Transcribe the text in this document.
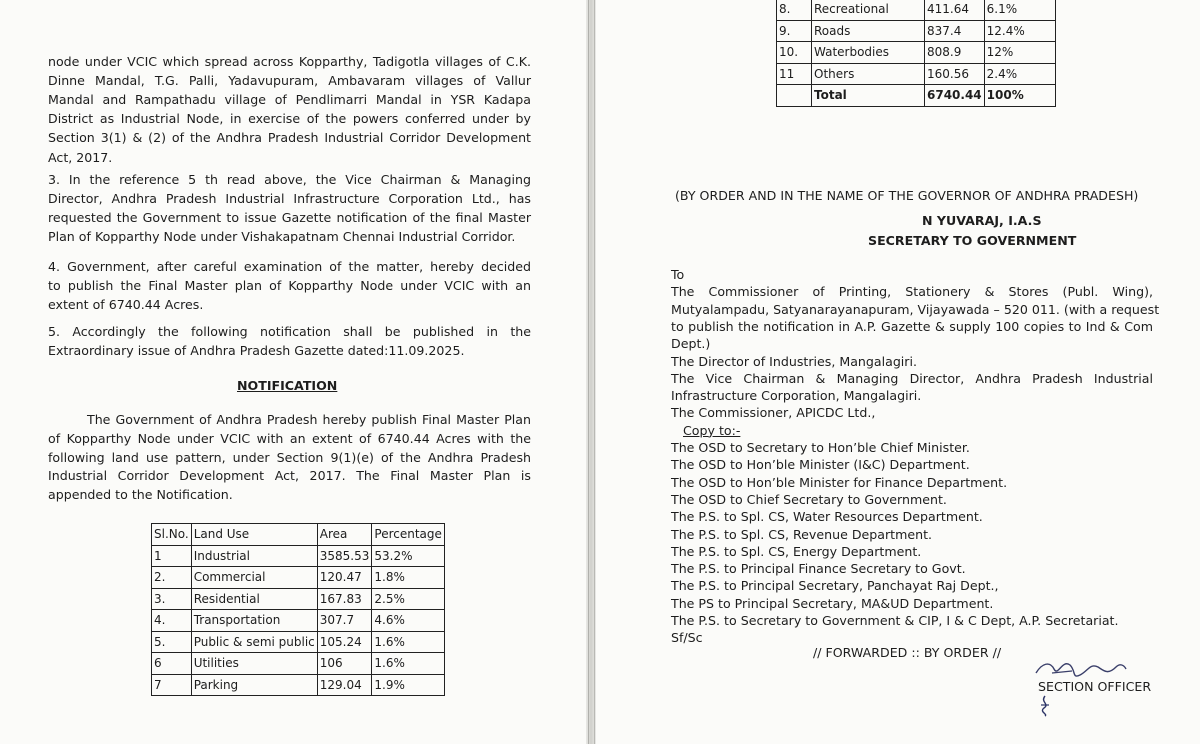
node under VCIC which spread across Kopparthy, Tadigotla villages of C.K.
Dinne Mandal, T.G. Palli, Yadavupuram, Ambavaram villages of Vallur
Mandal and Rampathadu village of Pendlimarri Mandal in YSR Kadapa
District as Industrial Node, in exercise of the powers conferred under by
Section 3(1) & (2) of the Andhra Pradesh Industrial Corridor Development
Act, 2017.
3. In the reference 5 th read above, the Vice Chairman & Managing
Director, Andhra Pradesh Industrial Infrastructure Corporation Ltd., has
requested the Government to issue Gazette notification of the final Master
Plan of Kopparthy Node under Vishakapatnam Chennai Industrial Corridor.
4. Government, after careful examination of the matter, hereby decided
to publish the Final Master plan of Kopparthy Node under VCIC with an
extent of 6740.44 Acres.
5. Accordingly the following notification shall be published in the
Extraordinary issue of Andhra Pradesh Gazette dated:11.09.2025.
The Government of Andhra Pradesh hereby publish Final Master Plan
of Kopparthy Node under VCIC with an extent of 6740.44 Acres with the
following land use pattern, under Section 9(1)(e) of the Andhra Pradesh
Industrial Corridor Development Act, 2017. The Final Master Plan is
appended to the Notification.
NOTIFICATION
Sl.No.	Land Use	Area	Percentage
1	Industrial	3585.53	53.2%
2.	Commercial	120.47	1.8%
3.	Residential	167.83	2.5%
4.	Transportation	307.7	4.6%
5.	Public & semi public	105.24	1.6%
6	Utilities	106	1.6%
7	Parking	129.04	1.9%
8.	Recreational	411.64	6.1%
9.	Roads	837.4	12.4%
10.	Waterbodies	808.9	12%
11	Others	160.56	2.4%
	Total	6740.44	100%
(BY ORDER AND IN THE NAME OF THE GOVERNOR OF ANDHRA PRADESH)
N YUVARAJ, I.A.S
SECRETARY TO GOVERNMENT
To
The Commissioner of Printing, Stationery & Stores (Publ. Wing),
Mutyalampadu, Satyanarayanapuram, Vijayawada – 520 011. (with a request
to publish the notification in A.P. Gazette & supply 100 copies to Ind & Com
Dept.)
The Director of Industries, Mangalagiri.
The Vice Chairman & Managing Director, Andhra Pradesh Industrial
Infrastructure Corporation, Mangalagiri.
The Commissioner, APICDC Ltd.,
Copy to:-
The OSD to Secretary to Hon’ble Chief Minister.
The OSD to Hon’ble Minister (I&C) Department.
The OSD to Hon’ble Minister for Finance Department.
The OSD to Chief Secretary to Government.
The P.S. to Spl. CS, Water Resources Department.
The P.S. to Spl. CS, Revenue Department.
The P.S. to Spl. CS, Energy Department.
The P.S. to Principal Finance Secretary to Govt.
The P.S. to Principal Secretary, Panchayat Raj Dept.,
The PS to Principal Secretary, MA&UD Department.
The P.S. to Secretary to Government & CIP, I & C Dept, A.P. Secretariat.
Sf/Sc
// FORWARDED :: BY ORDER //
SECTION OFFICER
